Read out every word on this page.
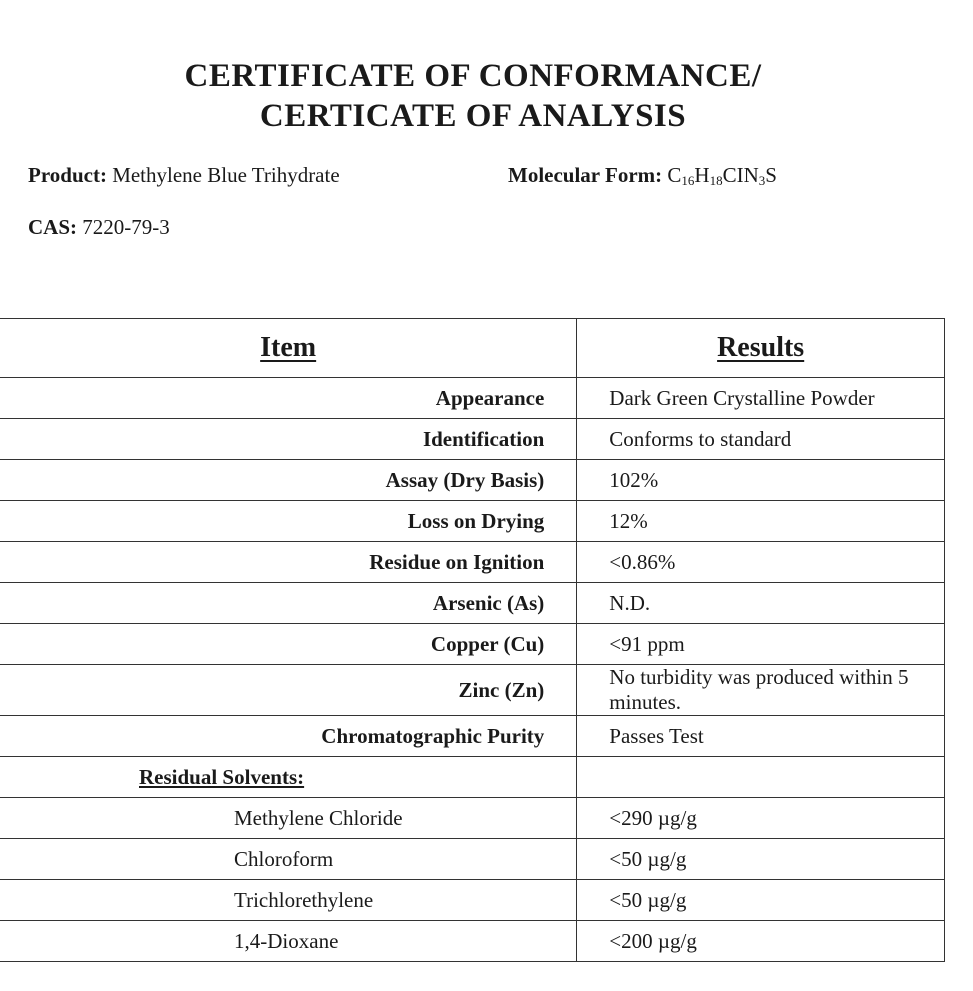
CERTIFICATE OF CONFORMANCE/
CERTICATE OF ANALYSIS
Product: Methylene Blue Trihydrate	Molecular Form: $C_{16}H_{18}CIN_3S$
CAS: 7220-79-3
Item	Results
Appearance	Dark Green Crystalline Powder
Identification	Conforms to standard
Assay (Dry Basis)	102%
Loss on Drying	12%
Residue on Ignition	<0.86%
Arsenic (As)	N.D.
Copper (Cu)	<91 ppm
Zinc (Zn)	No turbidity was produced within 5 minutes.
Chromatographic Purity	Passes Test
Residual Solvents:	
Methylene Chloride	<290 µg/g
Chloroform	<50 µg/g
Trichlorethylene	<50 µg/g
1,4-Dioxane	<200 µg/g
